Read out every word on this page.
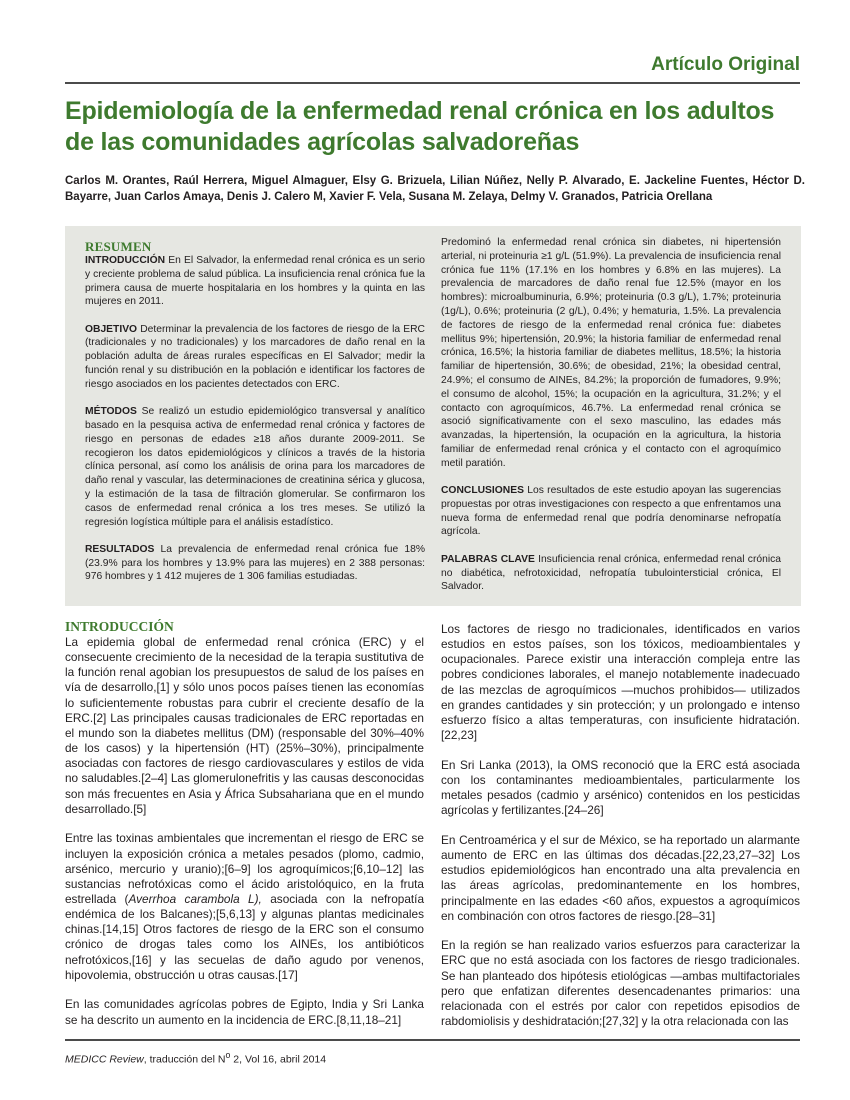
Artículo Original
Epidemiología de la enfermedad renal crónica en los adultos de las comunidades agrícolas salvadoreñas
Carlos M. Orantes, Raúl Herrera, Miguel Almaguer, Elsy G. Brizuela, Lilian Núñez, Nelly P. Alvarado, E. Jackeline Fuentes, Héctor D. Bayarre, Juan Carlos Amaya, Denis J. Calero M, Xavier F. Vela, Susana M. Zelaya, Delmy V. Granados, Patricia Orellana
RESUMEN

INTRODUCCIÓN En El Salvador, la enfermedad renal crónica es un serio y creciente problema de salud pública. La insuficiencia renal crónica fue la primera causa de muerte hospitalaria en los hombres y la quinta en las mujeres en 2011.

OBJETIVO Determinar la prevalencia de los factores de riesgo de la ERC (tradicionales y no tradicionales) y los marcadores de daño renal en la población adulta de áreas rurales específicas en El Salvador; medir la función renal y su distribución en la población e identificar los factores de riesgo asociados en los pacientes detectados con ERC.

MÉTODOS Se realizó un estudio epidemiológico transversal y analítico basado en la pesquisa activa de enfermedad renal crónica y factores de riesgo en personas de edades ≥18 años durante 2009-2011. Se recogieron los datos epidemiológicos y clínicos a través de la historia clínica personal, así como los análisis de orina para los marcadores de daño renal y vascular, las determinaciones de creatinina sérica y glucosa, y la estimación de la tasa de filtración glomerular. Se confirmaron los casos de enfermedad renal crónica a los tres meses. Se utilizó la regresión logística múltiple para el análisis estadístico.

RESULTADOS La prevalencia de enfermedad renal crónica fue 18% (23.9% para los hombres y 13.9% para las mujeres) en 2 388 personas: 976 hombres y 1 412 mujeres de 1 306 familias estudiadas.

Predominó la enfermedad renal crónica sin diabetes, ni hipertensión arterial, ni proteinuria ≥1 g/L (51.9%). La prevalencia de insuficiencia renal crónica fue 11% (17.1% en los hombres y 6.8% en las mujeres). La prevalencia de marcadores de daño renal fue 12.5% (mayor en los hombres): microalbuminuria, 6.9%; proteinuria (0.3 g/L), 1.7%; proteinuria (1g/L), 0.6%; proteinuria (2 g/L), 0.4%; y hematuria, 1.5%. La prevalencia de factores de riesgo de la enfermedad renal crónica fue: diabetes mellitus 9%; hipertensión, 20.9%; la historia familiar de enfermedad renal crónica, 16.5%; la historia familiar de diabetes mellitus, 18.5%; la historia familiar de hipertensión, 30.6%; de obesidad, 21%; la obesidad central, 24.9%; el consumo de AINEs, 84.2%; la proporción de fumadores, 9.9%; el consumo de alcohol, 15%; la ocupación en la agricultura, 31.2%; y el contacto con agroquímicos, 46.7%. La enfermedad renal crónica se asoció significativamente con el sexo masculino, las edades más avanzadas, la hipertensión, la ocupación en la agricultura, la historia familiar de enfermedad renal crónica y el contacto con el agroquímico metil paratión.

CONCLUSIONES Los resultados de este estudio apoyan las sugerencias propuestas por otras investigaciones con respecto a que enfrentamos una nueva forma de enfermedad renal que podría denominarse nefropatía agrícola.

PALABRAS CLAVE Insuficiencia renal crónica, enfermedad renal crónica no diabética, nefrotoxicidad, nefropatía tubulointersticial crónica, El Salvador.

INTRODUCCIÓN

La epidemia global de enfermedad renal crónica (ERC) y el consecuente crecimiento de la necesidad de la terapia sustitutiva de la función renal agobian los presupuestos de salud de los países en vía de desarrollo,[1] y sólo unos pocos países tienen las economías lo suficientemente robustas para cubrir el creciente desafío de la ERC.[2] Las principales causas tradicionales de ERC reportadas en el mundo son la diabetes mellitus (DM) (responsable del 30%–40% de los casos) y la hipertensión (HT) (25%–30%), principalmente asociadas con factores de riesgo cardiovasculares y estilos de vida no saludables.[2–4] Las glomerulonefritis y las causas desconocidas son más frecuentes en Asia y África Subsahariana que en el mundo desarrollado.[5]

Entre las toxinas ambientales que incrementan el riesgo de ERC se incluyen la exposición crónica a metales pesados (plomo, cadmio, arsénico, mercurio y uranio);[6–9] los agroquímicos;[6,10–12] las sustancias nefrotóxicas como el ácido aristolóquico, en la fruta estrellada (Averrhoa carambola L), asociada con la nefropatía endémica de los Balcanes);[5,6,13] y algunas plantas medicinales chinas.[14,15] Otros factores de riesgo de la ERC son el consumo crónico de drogas tales como los AINEs, los antibióticos nefrotóxicos,[16] y las secuelas de daño agudo por venenos, hipovolemia, obstrucción u otras causas.[17]

En las comunidades agrícolas pobres de Egipto, India y Sri Lanka se ha descrito un aumento en la incidencia de ERC.[8,11,18–21]

Los factores de riesgo no tradicionales, identificados en varios estudios en estos países, son los tóxicos, medioambientales y ocupacionales. Parece existir una interacción compleja entre las pobres condiciones laborales, el manejo notablemente inadecuado de las mezclas de agroquímicos —muchos prohibidos— utilizados en grandes cantidades y sin protección; y un prolongado e intenso esfuerzo físico a altas temperaturas, con insuficiente hidratación.[22,23]

En Sri Lanka (2013), la OMS reconoció que la ERC está asociada con los contaminantes medioambientales, particularmente los metales pesados (cadmio y arsénico) contenidos en los pesticidas agrícolas y fertilizantes.[24–26]

En Centroamérica y el sur de México, se ha reportado un alarmante aumento de ERC en las últimas dos décadas.[22,23,27–32] Los estudios epidemiológicos han encontrado una alta prevalencia en las áreas agrícolas, predominantemente en los hombres, principalmente en las edades <60 años, expuestos a agroquímicos en combinación con otros factores de riesgo.[28–31]

En la región se han realizado varios esfuerzos para caracterizar la ERC que no está asociada con los factores de riesgo tradicionales. Se han planteado dos hipótesis etiológicas —ambas multifactoriales pero que enfatizan diferentes desencadenantes primarios: una relacionada con el estrés por calor con repetidos episodios de rabdomiolisis y deshidratación;[27,32] y la otra relacionada con las

MEDICC Review, traducción del $N^o$ 2, Vol 16, abril 2014
